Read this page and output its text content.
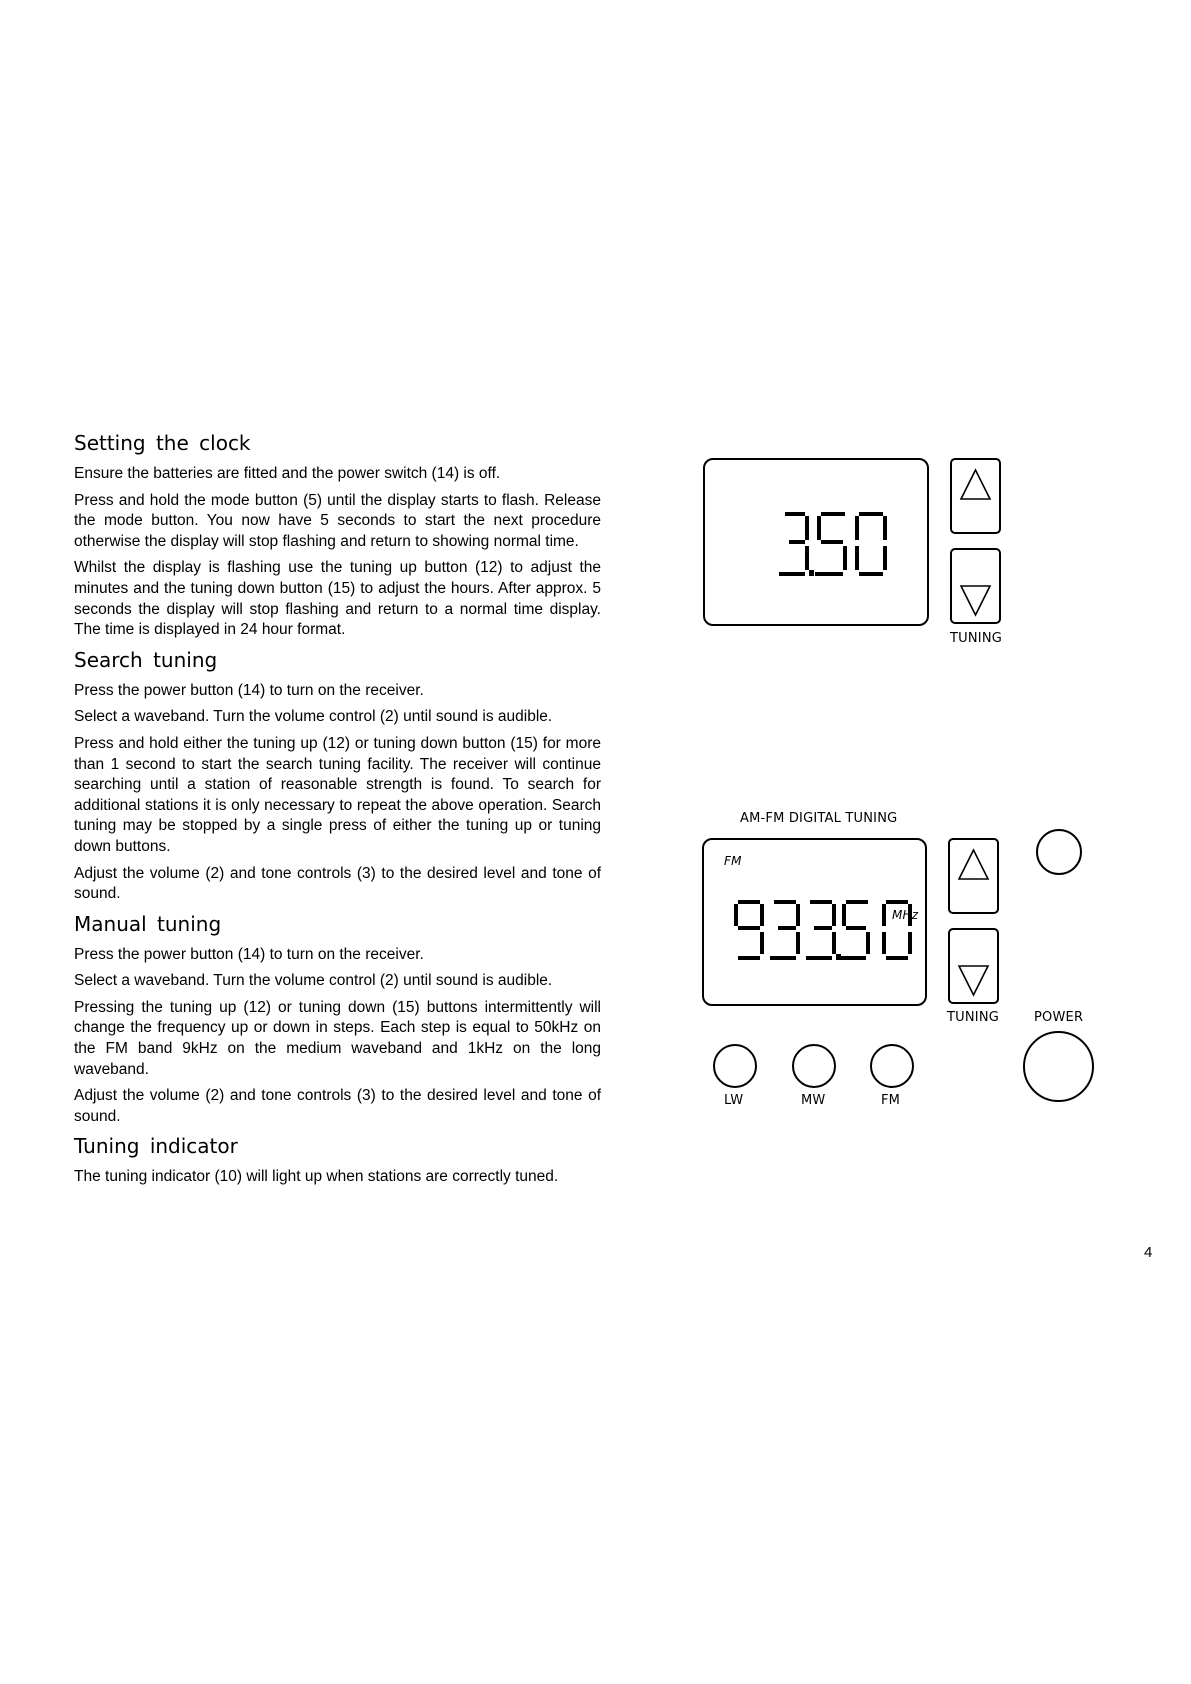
Setting the clock

Ensure the batteries are fitted and the power switch (14) is off.

Press and hold the mode button (5) until the display starts to flash. Release the mode button. You now have 5 seconds to start the next procedure otherwise the display will stop flashing and return to showing normal time.

Whilst the display is flashing use the tuning up button (12) to adjust the minutes and the tuning down button (15) to adjust the hours. After approx. 5 seconds the display will stop flashing and return to a normal time display. The time is displayed in 24 hour format.

Search tuning

Press the power button (14) to turn on the receiver.

Select a waveband. Turn the volume control (2) until sound is audible.

Press and hold either the tuning up (12) or tuning down button (15) for more than 1 second to start the search tuning facility. The receiver will continue searching until a station of reasonable strength is found. To search for additional stations it is only necessary to repeat the above operation. Search tuning may be stopped by a single press of either the tuning up or tuning down buttons.

Adjust the volume (2) and tone controls (3) to the desired level and tone of sound.

Manual tuning

Press the power button (14) to turn on the receiver.

Select a waveband. Turn the volume control (2) until sound is audible.

Pressing the tuning up (12) or tuning down (15) buttons intermittently will change the frequency up or down in steps. Each step is equal to 50kHz on the FM band 9kHz on the medium waveband and 1kHz on the long waveband.

Adjust the volume (2) and tone controls (3) to the desired level and tone of sound.

Tuning indicator

The tuning indicator (10) will light up when stations are correctly tuned.

TUNING
AM-FM DIGITAL TUNING
FM
MHz
TUNING	POWER
LW	MW	FM
4
